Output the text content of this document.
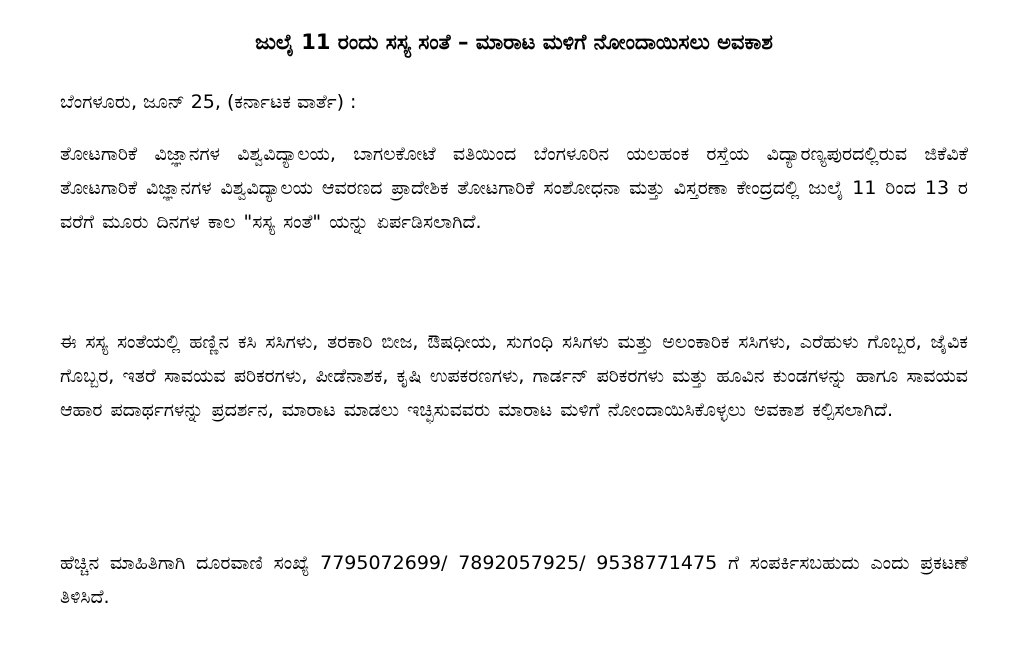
ಜುಲೈ 11 ರಂದು ಸಸ್ಯ ಸಂತೆ – ಮಾರಾಟ ಮಳಿಗೆ ನೋಂದಾಯಿಸಲು ಅವಕಾಶ

ಬೆಂಗಳೂರು, ಜೂನ್ 25, (ಕರ್ನಾಟಕ ವಾರ್ತೆ) :

ತೋಟಗಾರಿಕೆ ವಿಜ್ಞಾನಗಳ ವಿಶ್ವವಿದ್ಯಾಲಯ, ಬಾಗಲಕೋಟೆ ವತಿಯಿಂದ ಬೆಂಗಳೂರಿನ ಯಲಹಂಕ ರಸ್ತೆಯ ವಿದ್ಯಾರಣ್ಯಪುರದಲ್ಲಿರುವ ಜಿಕೆವಿಕೆ ತೋಟಗಾರಿಕೆ ವಿಜ್ಞಾನಗಳ ವಿಶ್ವವಿದ್ಯಾಲಯ ಆವರಣದ ಪ್ರಾದೇಶಿಕ ತೋಟಗಾರಿಕೆ ಸಂಶೋಧನಾ ಮತ್ತು ವಿಸ್ತರಣಾ ಕೇಂದ್ರದಲ್ಲಿ ಜುಲೈ 11 ರಿಂದ 13 ರ ವರೆಗೆ ಮೂರು ದಿನಗಳ ಕಾಲ "ಸಸ್ಯ ಸಂತೆ" ಯನ್ನು ಏರ್ಪಡಿಸಲಾಗಿದೆ.

ಈ ಸಸ್ಯ ಸಂತೆಯಲ್ಲಿ ಹಣ್ಣಿನ ಕಸಿ ಸಸಿಗಳು, ತರಕಾರಿ ಬೀಜ, ಔಷಧೀಯ, ಸುಗಂಧಿ ಸಸಿಗಳು ಮತ್ತು ಅಲಂಕಾರಿಕ ಸಸಿಗಳು, ಎರೆಹುಳು ಗೊಬ್ಬರ, ಜೈವಿಕ ಗೊಬ್ಬರ, ಇತರೆ ಸಾವಯವ ಪರಿಕರಗಳು, ಪೀಡೆನಾಶಕ, ಕೃಷಿ ಉಪಕರಣಗಳು, ಗಾರ್ಡನ್ ಪರಿಕರಗಳು ಮತ್ತು ಹೂವಿನ ಕುಂಡಗಳನ್ನು ಹಾಗೂ ಸಾವಯವ ಆಹಾರ ಪದಾರ್ಥಗಳನ್ನು ಪ್ರದರ್ಶನ, ಮಾರಾಟ ಮಾಡಲು ಇಚ್ಛಿಸುವವರು ಮಾರಾಟ ಮಳಿಗೆ ನೋಂದಾಯಿಸಿಕೊಳ್ಳಲು ಅವಕಾಶ ಕಲ್ಪಿಸಲಾಗಿದೆ.

ಹೆಚ್ಚಿನ ಮಾಹಿತಿಗಾಗಿ ದೂರವಾಣಿ ಸಂಖ್ಯೆ 7795072699/ 7892057925/ 9538771475 ಗೆ ಸಂಪರ್ಕಿಸಬಹುದು ಎಂದು ಪ್ರಕಟಣೆ ತಿಳಿಸಿದೆ.
